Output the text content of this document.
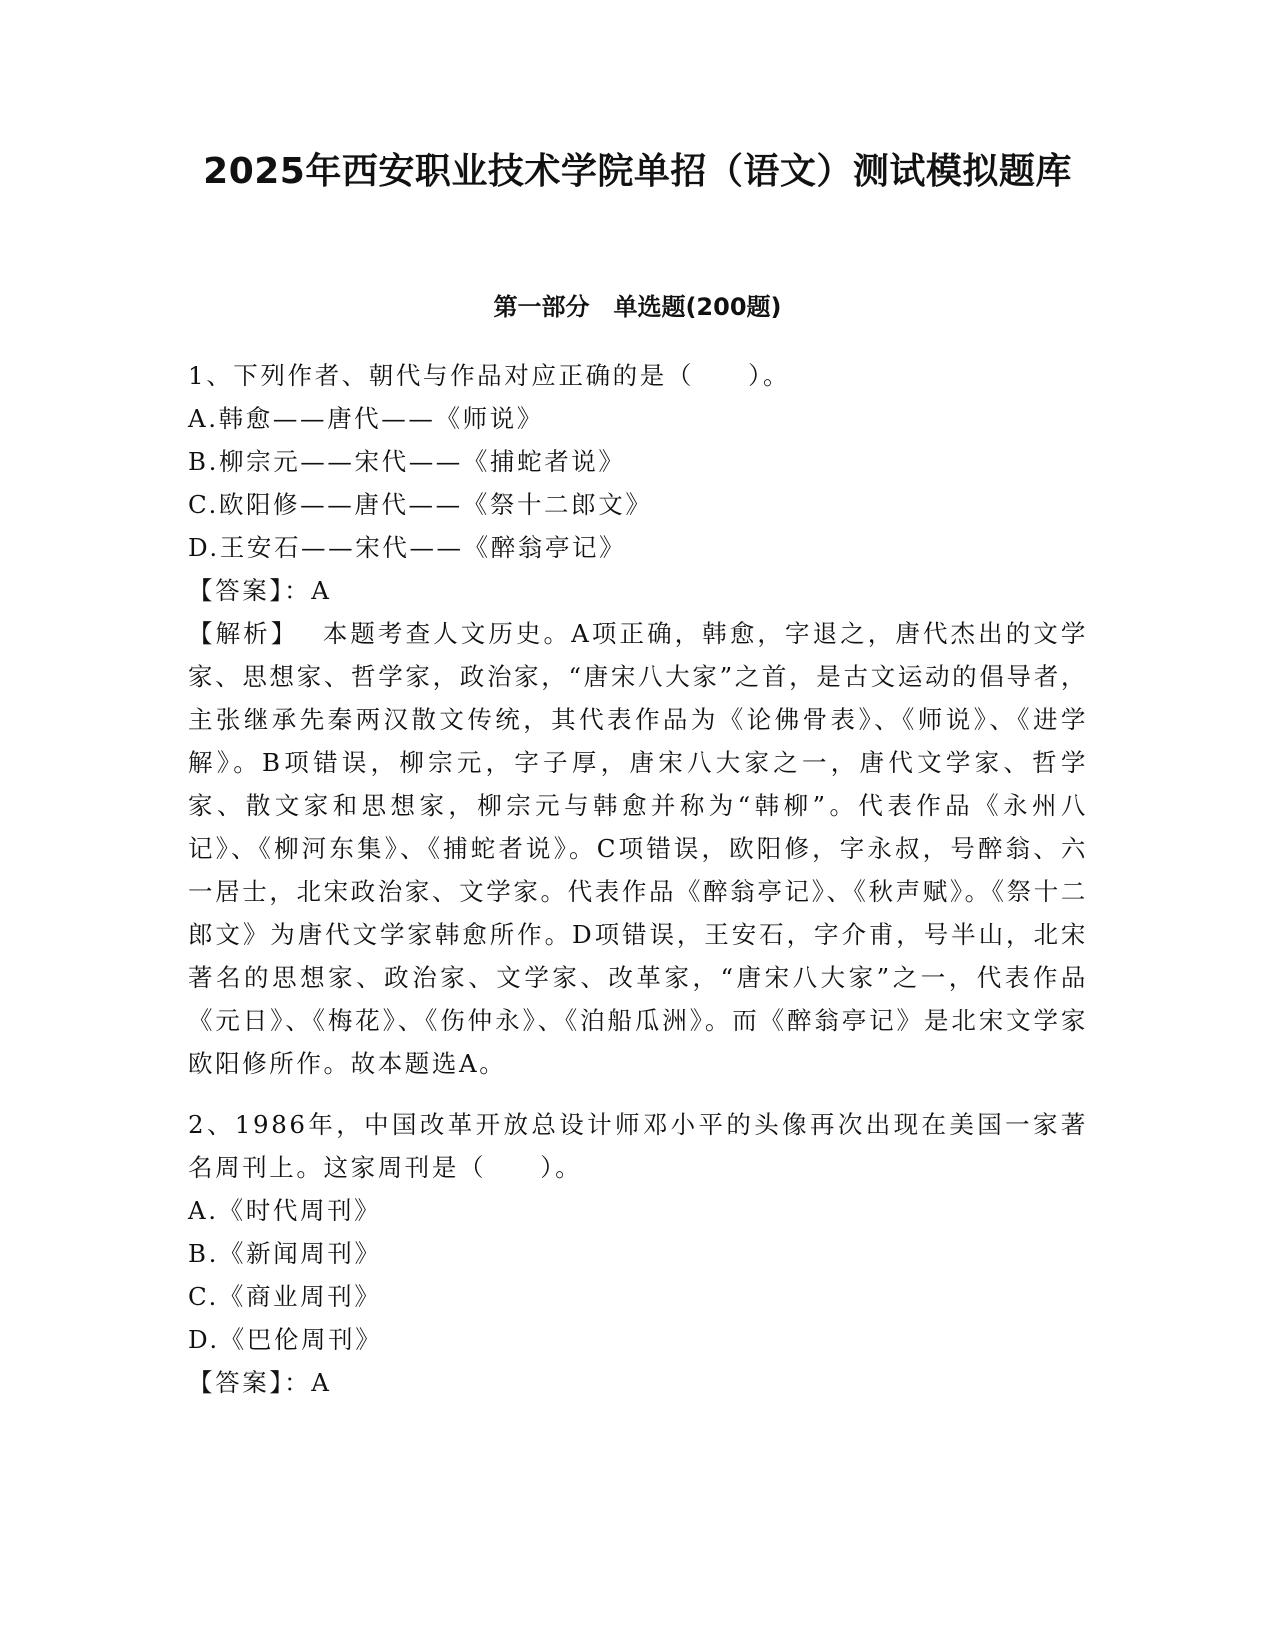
2025年西安职业技术学院单招（语文）测试模拟题库
第一部分　单选题(200题)

1、下列作者、朝代与作品对应正确的是（　　）。

A.韩愈——唐代——《师说》

B.柳宗元——宋代——《捕蛇者说》

C.欧阳修——唐代——《祭十二郎文》

D.王安石——宋代——《醉翁亭记》

【答案】：A

【解析】 本题考查人文历史。A项正确，韩愈，字退之，唐代杰出的文学家、思想家、哲学家，政治家，“唐宋八大家”之首，是古文运动的倡导者，主张继承先秦两汉散文传统，其代表作品为《论佛骨表》、《师说》、《进学解》。B项错误，柳宗元，字子厚，唐宋八大家之一，唐代文学家、哲学家、散文家和思想家，柳宗元与韩愈并称为“韩柳”。代表作品《永州八记》、《柳河东集》、《捕蛇者说》。C项错误，欧阳修，字永叔，号醉翁、六一居士，北宋政治家、文学家。代表作品《醉翁亭记》、《秋声赋》。《祭十二郎文》为唐代文学家韩愈所作。D项错误，王安石，字介甫，号半山，北宋著名的思想家、政治家、文学家、改革家，“唐宋八大家”之一，代表作品《元日》、《梅花》、《伤仲永》、《泊船瓜洲》。而《醉翁亭记》是北宋文学家欧阳修所作。故本题选A。

2、1986年，中国改革开放总设计师邓小平的头像再次出现在美国一家著名周刊上。这家周刊是（　　）。

A.《时代周刊》

B.《新闻周刊》

C.《商业周刊》

D.《巴伦周刊》

【答案】：A
